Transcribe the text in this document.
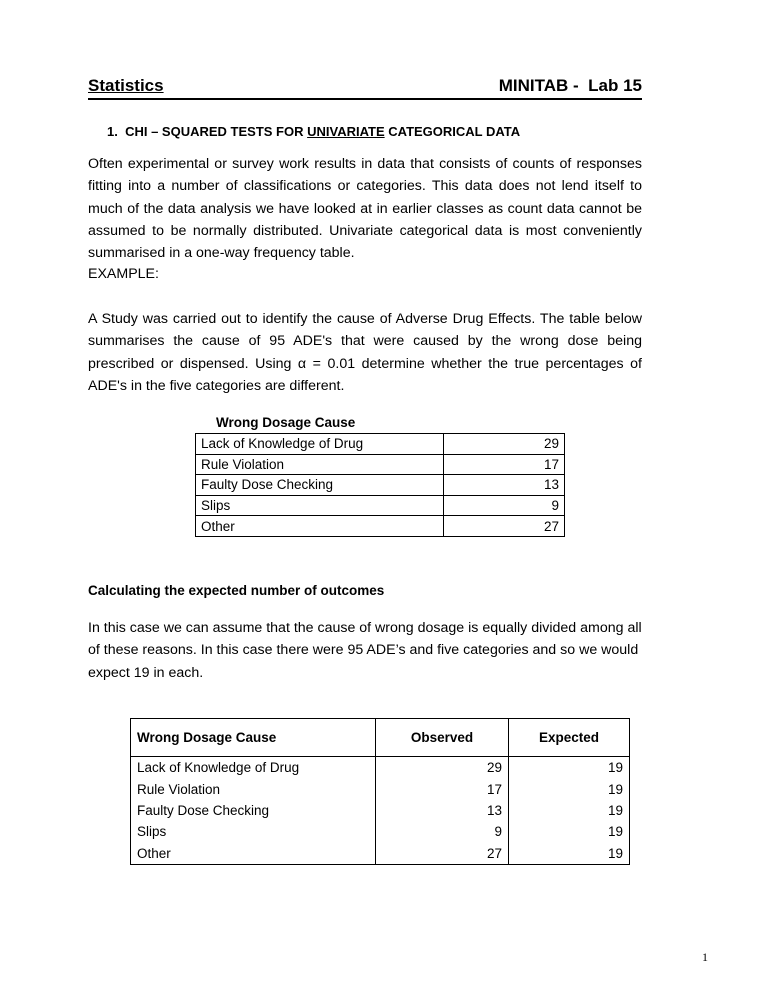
Statistics	MINITAB -  Lab 15
1. CHI – SQUARED TESTS FOR UNIVARIATE CATEGORICAL DATA

Often experimental or survey work results in data that consists of counts of responses fitting into a number of classifications or categories. This data does not lend itself to much of the data analysis we have looked at in earlier classes as count data cannot be assumed to be normally distributed. Univariate categorical data is most conveniently summarised in a one-way frequency table.

EXAMPLE:

A Study was carried out to identify the cause of Adverse Drug Effects. The table below summarises the cause of 95 ADE's that were caused by the wrong dose being prescribed or dispensed. Using α = 0.01 determine whether the true percentages of ADE's in the five categories are different.

Wrong Dosage Cause
Lack of Knowledge of Drug	29
Rule Violation	17
Faulty Dose Checking	13
Slips	9
Other	27
Calculating the expected number of outcomes

In this case we can assume that the cause of wrong dosage is equally divided among all of these reasons. In this case there were 95 ADE’s and five categories and so we would expect 19 in each.

Wrong Dosage Cause	Observed	Expected
Lack of Knowledge of Drug	29	19
Rule Violation	17	19
Faulty Dose Checking	13	19
Slips	9	19
Other	27	19
1
